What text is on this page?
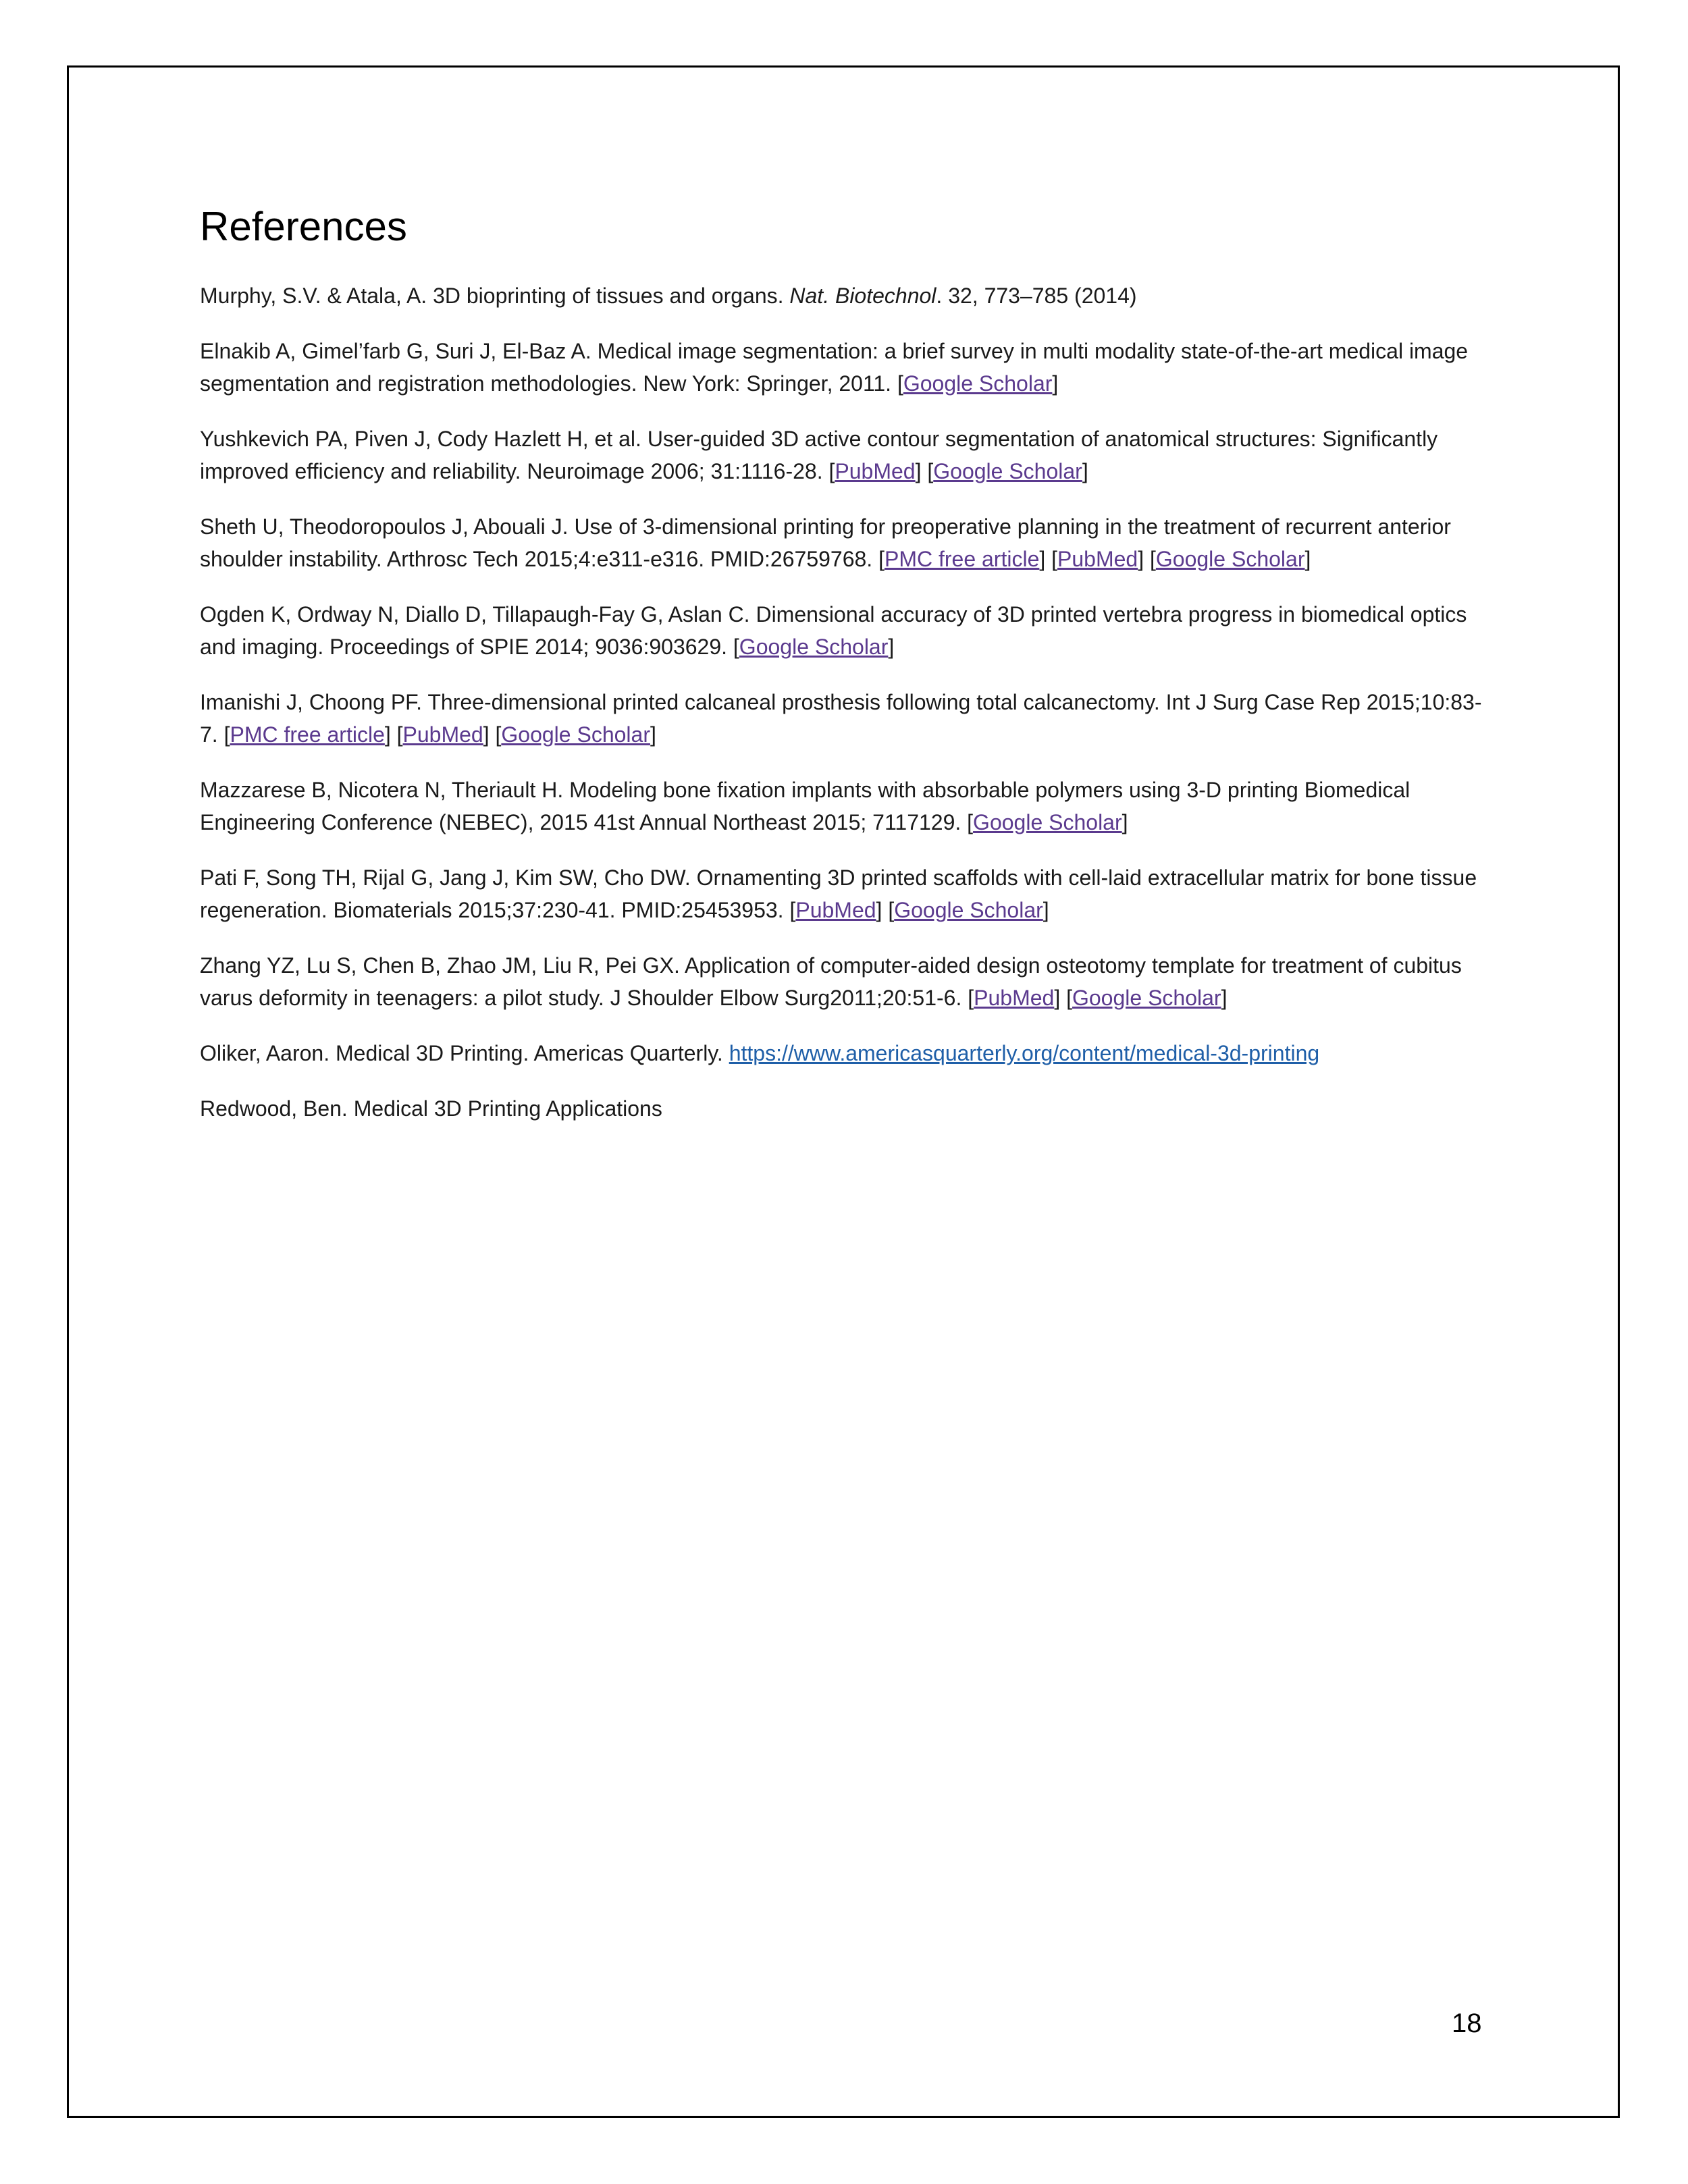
References

Murphy, S.V. & Atala, A. 3D bioprinting of tissues and organs. Nat. Biotechnol. 32, 773–785 (2014)

Elnakib A, Gimel’farb G, Suri J, El-Baz A. Medical image segmentation: a brief survey in multi modality state-of-the-art medical image segmentation and registration methodologies. New York: Springer, 2011. [Google Scholar]

Yushkevich PA, Piven J, Cody Hazlett H, et al. User-guided 3D active contour segmentation of anatomical structures: Significantly improved efficiency and reliability. Neuroimage 2006; 31:1116-28. [PubMed] [Google Scholar]

Sheth U, Theodoropoulos J, Abouali J. Use of 3-dimensional printing for preoperative planning in the treatment of recurrent anterior shoulder instability. Arthrosc Tech 2015;4:e311-e316. PMID:26759768. [PMC free article] [PubMed] [Google Scholar]

Ogden K, Ordway N, Diallo D, Tillapaugh-Fay G, Aslan C. Dimensional accuracy of 3D printed vertebra progress in biomedical optics and imaging. Proceedings of SPIE 2014; 9036:903629. [Google Scholar]

Imanishi J, Choong PF. Three-dimensional printed calcaneal prosthesis following total calcanectomy. Int J Surg Case Rep 2015;10:83-7. [PMC free article] [PubMed] [Google Scholar]

Mazzarese B, Nicotera N, Theriault H. Modeling bone fixation implants with absorbable polymers using 3-D printing Biomedical Engineering Conference (NEBEC), 2015 41st Annual Northeast 2015; 7117129. [Google Scholar]

Pati F, Song TH, Rijal G, Jang J, Kim SW, Cho DW. Ornamenting 3D printed scaffolds with cell-laid extracellular matrix for bone tissue regeneration. Biomaterials 2015;37:230-41. PMID:25453953. [PubMed] [Google Scholar]

Zhang YZ, Lu S, Chen B, Zhao JM, Liu R, Pei GX. Application of computer-aided design osteotomy template for treatment of cubitus varus deformity in teenagers: a pilot study. J Shoulder Elbow Surg2011;20:51-6. [PubMed] [Google Scholar]

Oliker, Aaron. Medical 3D Printing. Americas Quarterly. https://www.americasquarterly.org/content/medical-3d-printing

Redwood, Ben. Medical 3D Printing Applications

18
